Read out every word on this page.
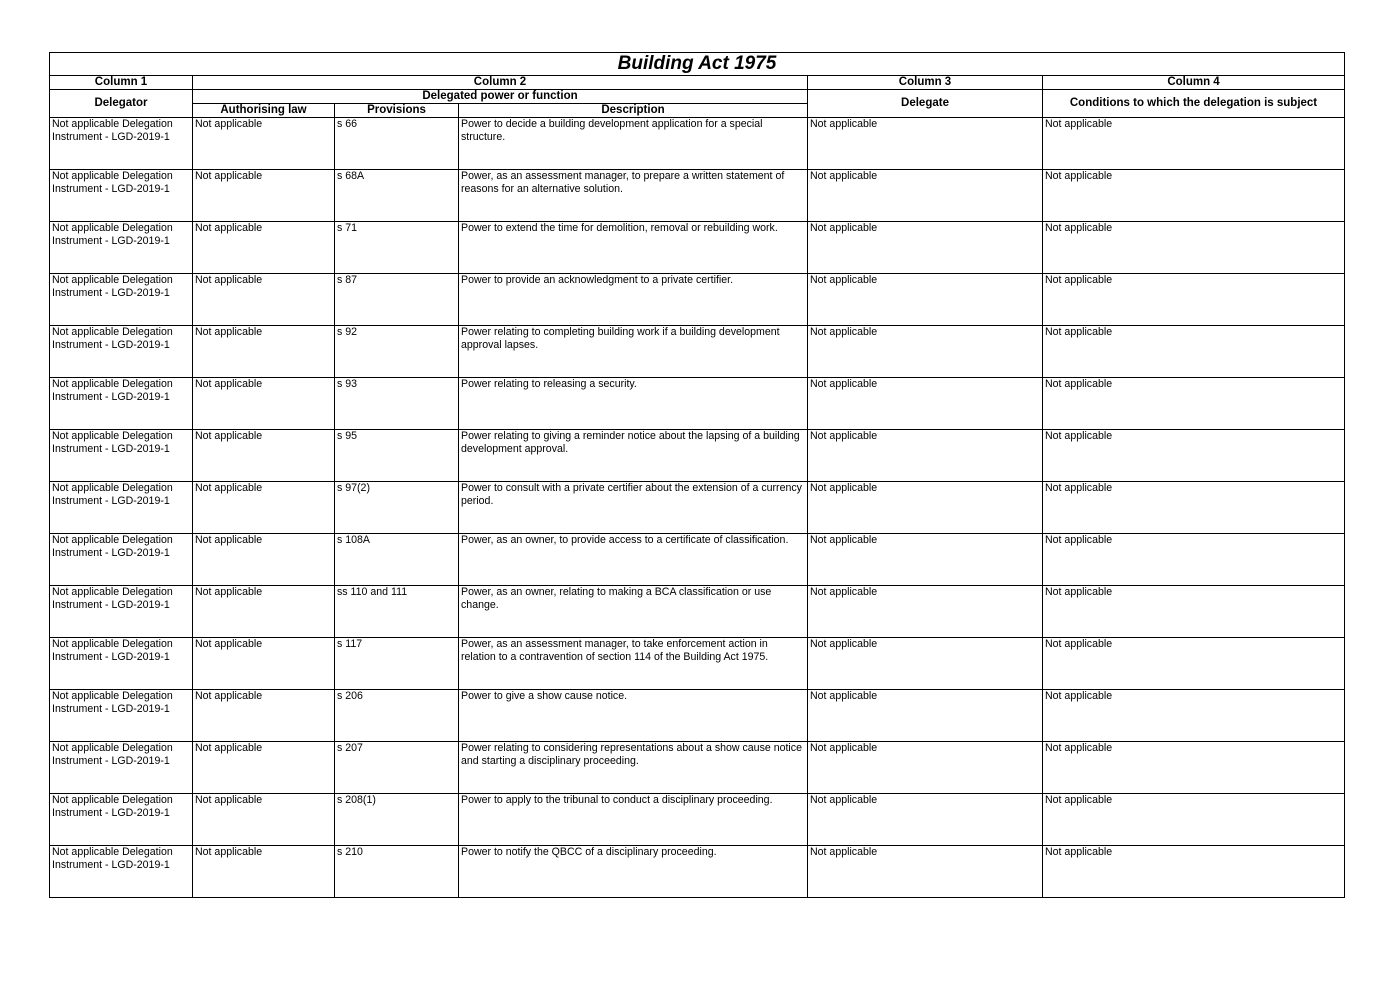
Building Act 1975					
Column 1	Column 2			Column 3	Column 4
Delegator	Delegated power or function			Delegate	Conditions to which the delegation is subject
	Authorising law	Provisions	Description		
Not applicable Delegation Instrument - LGD-2019-1	Not applicable	s 66	Power to decide a building development application for a special structure.	Not applicable	Not applicable
Not applicable Delegation Instrument - LGD-2019-1	Not applicable	s 68A	Power, as an assessment manager, to prepare a written statement of reasons for an alternative solution.	Not applicable	Not applicable
Not applicable Delegation Instrument - LGD-2019-1	Not applicable	s 71	Power to extend the time for demolition, removal or rebuilding work.	Not applicable	Not applicable
Not applicable Delegation Instrument - LGD-2019-1	Not applicable	s 87	Power to provide an acknowledgment to a private certifier.	Not applicable	Not applicable
Not applicable Delegation Instrument - LGD-2019-1	Not applicable	s 92	Power relating to completing building work if a building development approval lapses.	Not applicable	Not applicable
Not applicable Delegation Instrument - LGD-2019-1	Not applicable	s 93	Power relating to releasing a security.	Not applicable	Not applicable
Not applicable Delegation Instrument - LGD-2019-1	Not applicable	s 95	Power relating to giving a reminder notice about the lapsing of a building development approval.	Not applicable	Not applicable
Not applicable Delegation Instrument - LGD-2019-1	Not applicable	s 97(2)	Power to consult with a private certifier about the extension of a currency period.	Not applicable	Not applicable
Not applicable Delegation Instrument - LGD-2019-1	Not applicable	s 108A	Power, as an owner, to provide access to a certificate of classification.	Not applicable	Not applicable
Not applicable Delegation Instrument - LGD-2019-1	Not applicable	ss 110 and 111	Power, as an owner, relating to making a BCA classification or use change.	Not applicable	Not applicable
Not applicable Delegation Instrument - LGD-2019-1	Not applicable	s 117	Power, as an assessment manager, to take enforcement action in relation to a contravention of section 114 of the Building Act 1975.	Not applicable	Not applicable
Not applicable Delegation Instrument - LGD-2019-1	Not applicable	s 206	Power to give a show cause notice.	Not applicable	Not applicable
Not applicable Delegation Instrument - LGD-2019-1	Not applicable	s 207	Power relating to considering representations about a show cause notice and starting a disciplinary proceeding.	Not applicable	Not applicable
Not applicable Delegation Instrument - LGD-2019-1	Not applicable	s 208(1)	Power to apply to the tribunal to conduct a disciplinary proceeding.	Not applicable	Not applicable
Not applicable Delegation Instrument - LGD-2019-1	Not applicable	s 210	Power to notify the QBCC of a disciplinary proceeding.	Not applicable	Not applicable
